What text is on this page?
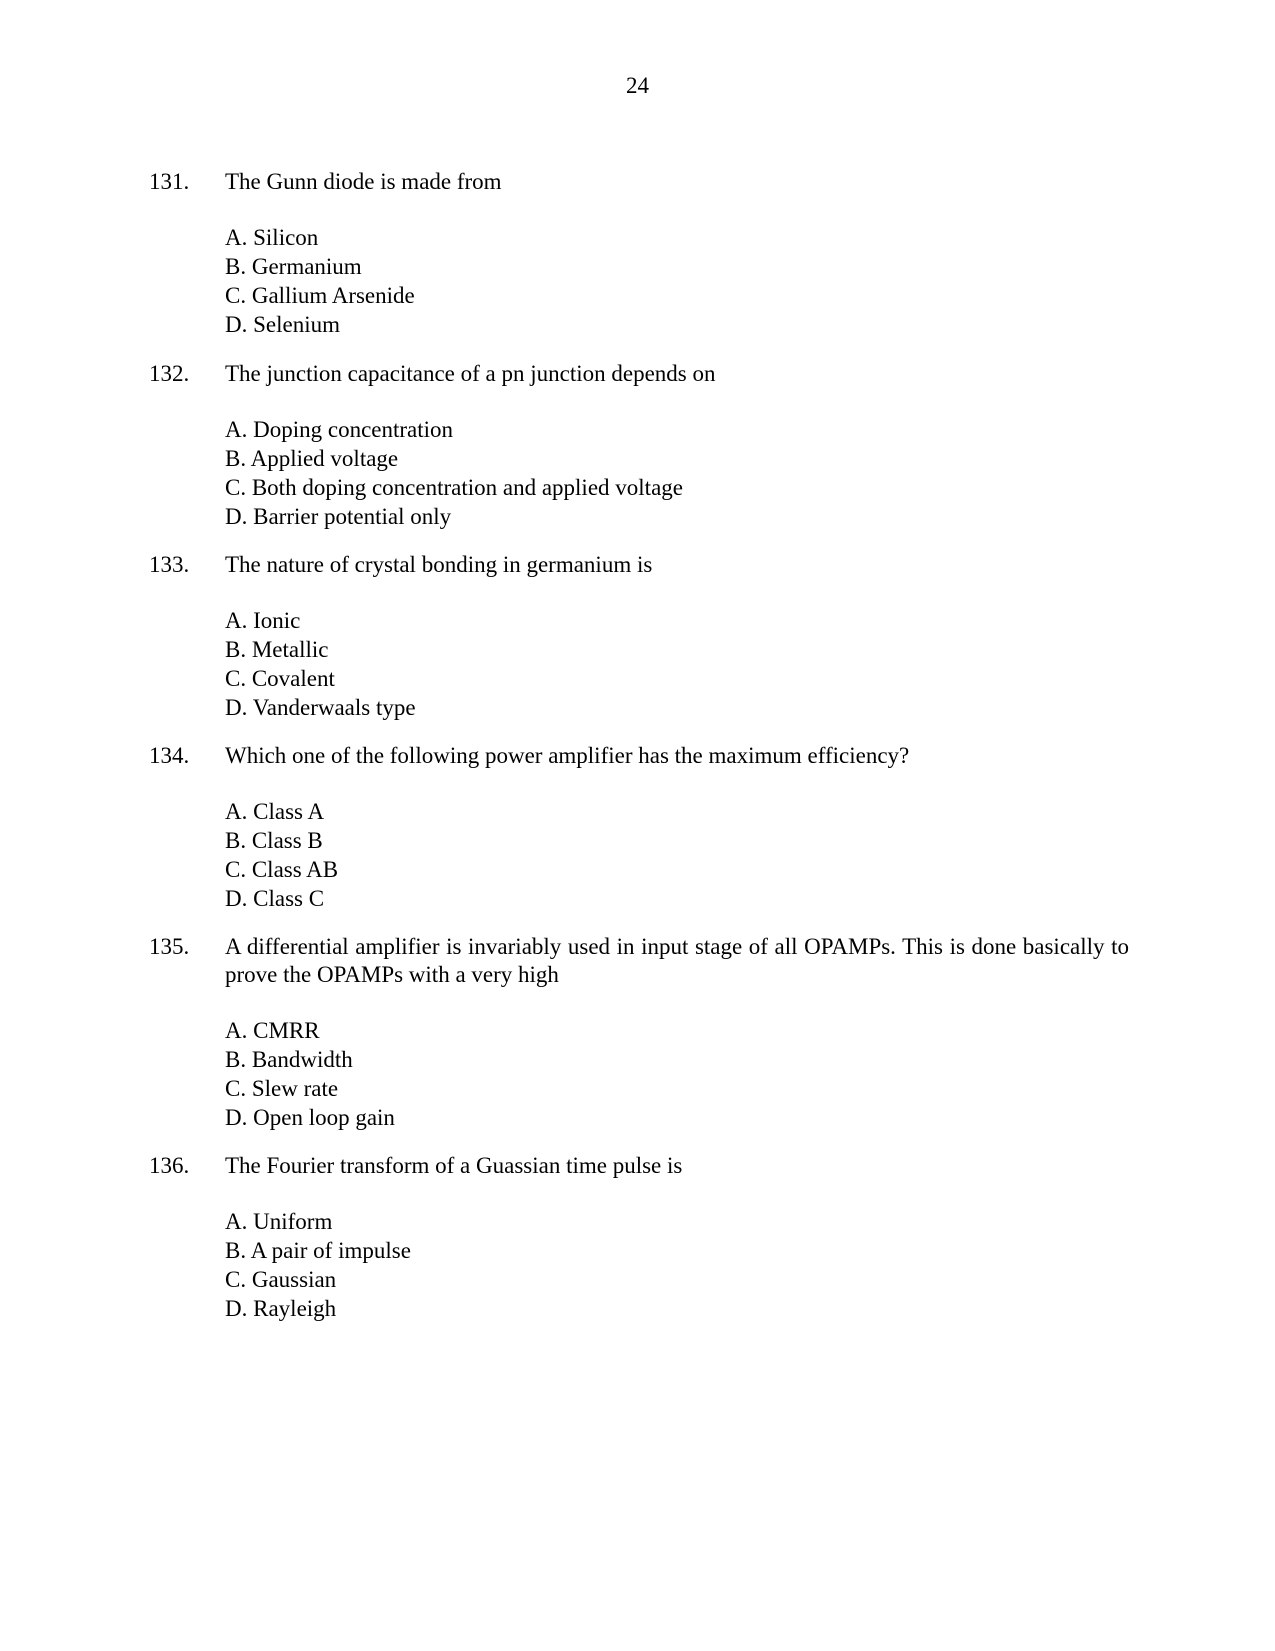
24
131.	The Gunn diode is made from
A. Silicon
B. Germanium
C. Gallium Arsenide
D. Selenium
132.	The junction capacitance of a pn junction depends on
A. Doping concentration
B. Applied voltage
C. Both doping concentration and applied voltage
D. Barrier potential only
133.	The nature of crystal bonding in germanium is
A. Ionic
B. Metallic
C. Covalent
D. Vanderwaals type
134.	Which one of the following power amplifier has the maximum efficiency?
A. Class A
B. Class B
C. Class AB
D. Class C
135.	A differential amplifier is invariably used in input stage of all OPAMPs. This is done basically to prove the OPAMPs with a very high
A. CMRR
B. Bandwidth
C. Slew rate
D. Open loop gain
136.	The Fourier transform of a Guassian time pulse is
A. Uniform
B. A pair of impulse
C. Gaussian
D. Rayleigh
